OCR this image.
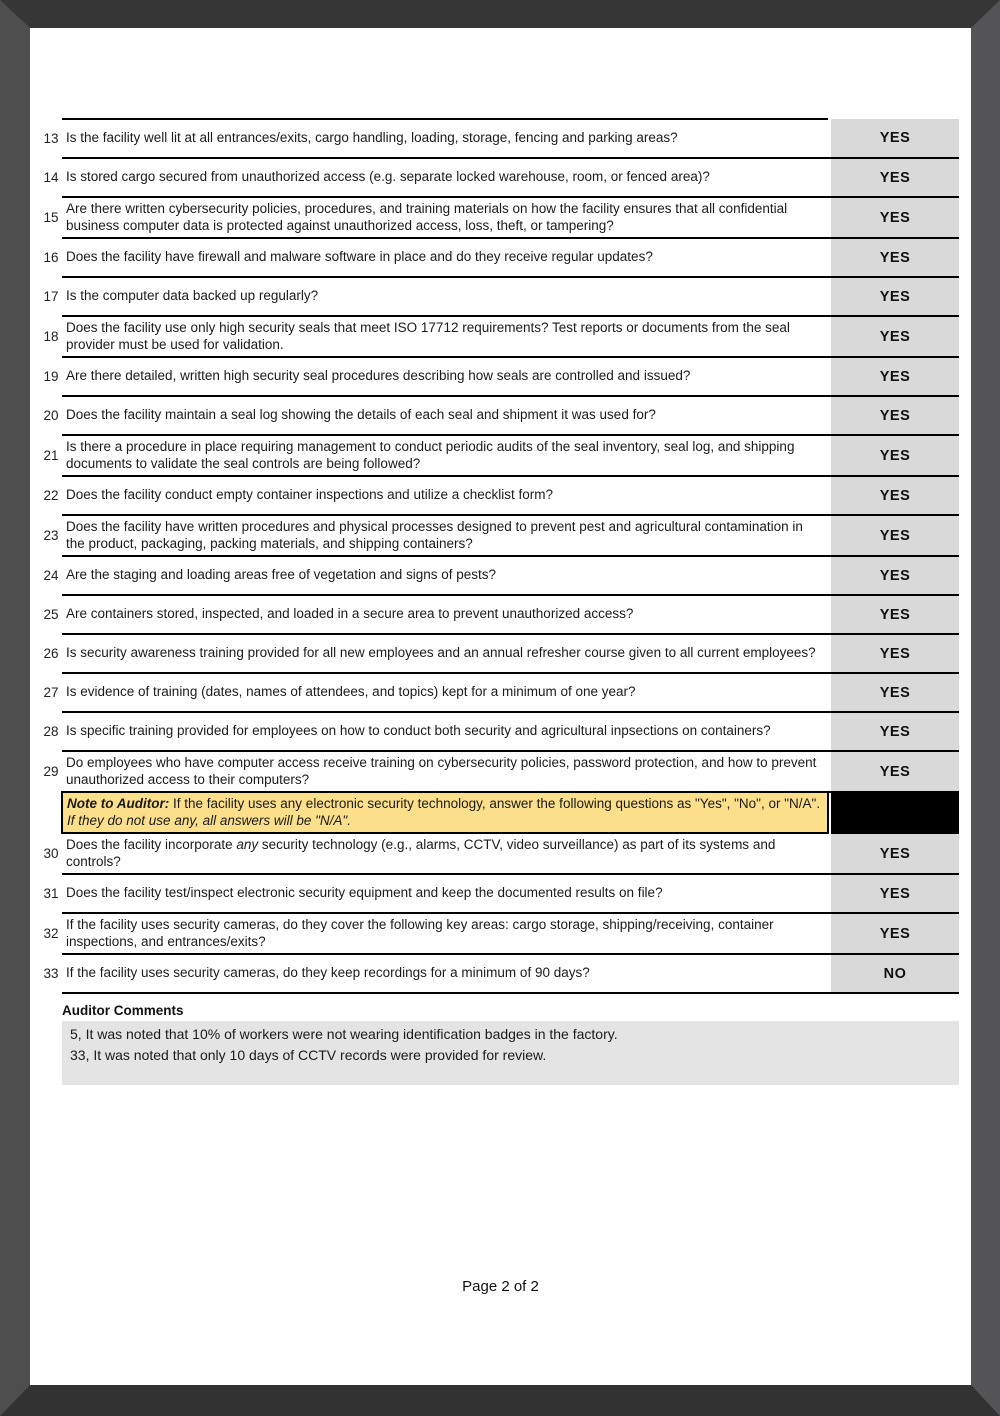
13	Is the facility well lit at all entrances/exits, cargo handling, loading, storage, fencing and parking areas?		YES
14	Is stored cargo secured from unauthorized access (e.g. separate locked warehouse, room, or fenced area)?		YES
15	Are there written cybersecurity policies, procedures, and training materials on how the facility ensures that all confidential business computer data is protected against unauthorized access, loss, theft, or tampering?		YES
16	Does the facility have firewall and malware software in place and do they receive regular updates?		YES
17	Is the computer data backed up regularly?		YES
18	Does the facility use only high security seals that meet ISO 17712 requirements? Test reports or documents from the seal provider must be used for validation.		YES
19	Are there detailed, written high security seal procedures describing how seals are controlled and issued?		YES
20	Does the facility maintain a seal log showing the details of each seal and shipment it was used for?		YES
21	Is there a procedure in place requiring management to conduct periodic audits of the seal inventory, seal log, and shipping documents to validate the seal controls are being followed?		YES
22	Does the facility conduct empty container inspections and utilize a checklist form?		YES
23	Does the facility have written procedures and physical processes designed to prevent pest and agricultural contamination in the product, packaging, packing materials, and shipping containers?		YES
24	Are the staging and loading areas free of vegetation and signs of pests?		YES
25	Are containers stored, inspected, and loaded in a secure area to prevent unauthorized access?		YES
26	Is security awareness training provided for all new employees and an annual refresher course given to all current employees?		YES
27	Is evidence of training (dates, names of attendees, and topics) kept for a minimum of one year?		YES
28	Is specific training provided for employees on how to conduct both security and agricultural inpsections on containers?		YES
29	Do employees who have computer access receive training on cybersecurity policies, password protection, and how to prevent unauthorized access to their computers?		YES
	Note to Auditor: If the facility uses any electronic security technology, answer the following questions as "Yes", "No", or "N/A". If they do not use any, all answers will be "N/A".		
30	Does the facility incorporate any security technology (e.g., alarms, CCTV, video surveillance) as part of its systems and controls?		YES
31	Does the facility test/inspect electronic security equipment and keep the documented results on file?		YES
32	If the facility uses security cameras, do they cover the following key areas: cargo storage, shipping/receiving, container inspections, and entrances/exits?		YES
33	If the facility uses security cameras, do they keep recordings for a minimum of 90 days?		NO
Auditor Comments
5, It was noted that 10% of workers were not wearing identification badges in the factory.
33, It was noted that only 10 days of CCTV records were provided for review.
Page 2 of 2
